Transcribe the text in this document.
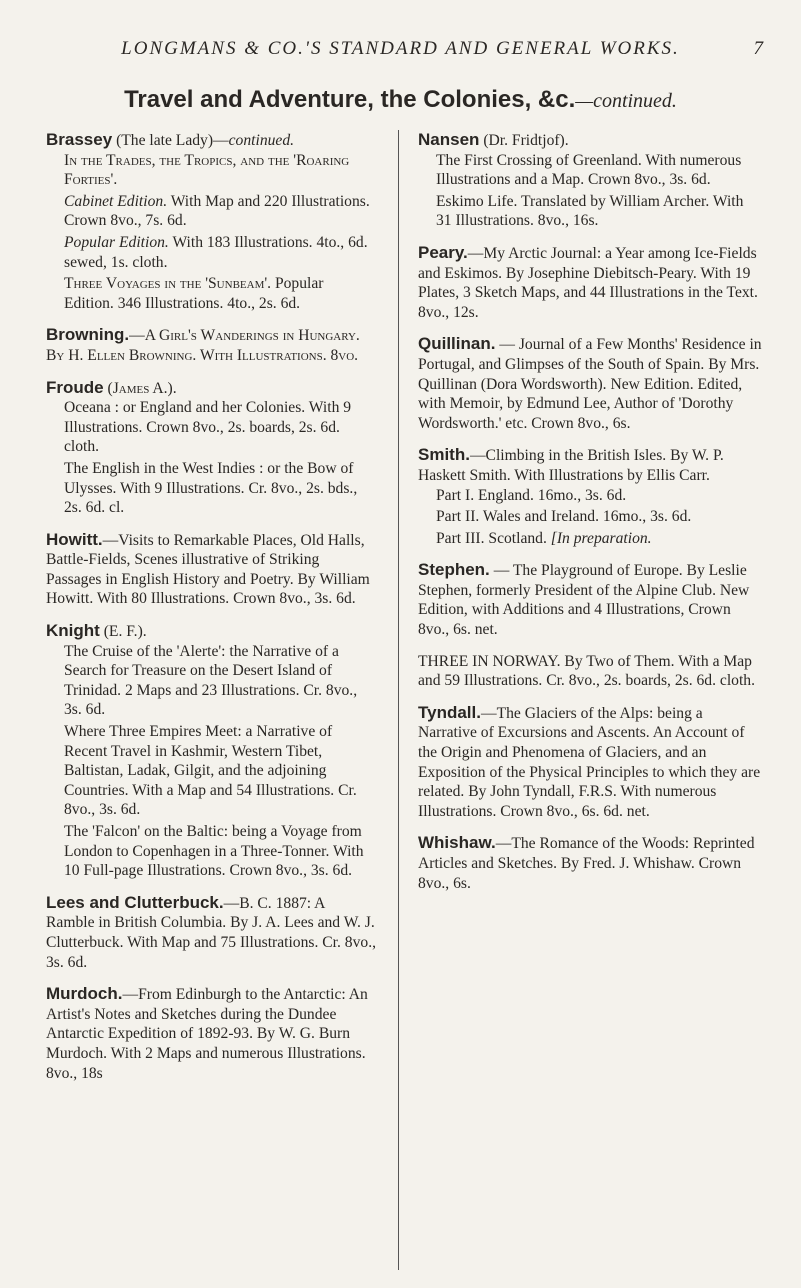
LONGMANS & CO.'S STANDARD AND GENERAL WORKS.	7
Travel and Adventure, the Colonies, &c.—continued.
Brassey (The late Lady)—continued.
In the Trades, the Tropics, and the 'Roaring Forties'.
Cabinet Edition. With Map and 220 Illustrations. Crown 8vo., 7s. 6d.
Popular Edition. With 183 Illustrations. 4to., 6d. sewed, 1s. cloth.
Three Voyages in the 'Sunbeam'. Popular Edition. 346 Illustrations. 4to., 2s. 6d.
Browning.—A Girl's Wanderings in Hungary. By H. Ellen Browning. With Illustrations. 8vo.
Froude (James A.).
Oceana : or England and her Colonies. With 9 Illustrations. Crown 8vo., 2s. boards, 2s. 6d. cloth.
The English in the West Indies : or the Bow of Ulysses. With 9 Illustrations. Cr. 8vo., 2s. bds., 2s. 6d. cl.
Howitt.—Visits to Remarkable Places, Old Halls, Battle-Fields, Scenes illustrative of Striking Passages in English History and Poetry. By William Howitt. With 80 Illustrations. Crown 8vo., 3s. 6d.
Knight (E. F.).
The Cruise of the 'Alerte': the Narrative of a Search for Treasure on the Desert Island of Trinidad. 2 Maps and 23 Illustrations. Cr. 8vo., 3s. 6d.
Where Three Empires Meet: a Narrative of Recent Travel in Kashmir, Western Tibet, Baltistan, Ladak, Gilgit, and the adjoining Countries. With a Map and 54 Illustrations. Cr. 8vo., 3s. 6d.
The 'Falcon' on the Baltic: being a Voyage from London to Copenhagen in a Three-Tonner. With 10 Full-page Illustrations. Crown 8vo., 3s. 6d.
Lees and Clutterbuck.—B. C. 1887: A Ramble in British Columbia. By J. A. Lees and W. J. Clutterbuck. With Map and 75 Illustrations. Cr. 8vo., 3s. 6d.
Murdoch.—From Edinburgh to the Antarctic: An Artist's Notes and Sketches during the Dundee Antarctic Expedition of 1892-93. By W. G. Burn Murdoch. With 2 Maps and numerous Illustrations. 8vo., 18s
Nansen (Dr. Fridtjof).
The First Crossing of Greenland. With numerous Illustrations and a Map. Crown 8vo., 3s. 6d.
Eskimo Life. Translated by William Archer. With 31 Illustrations. 8vo., 16s.
Peary.—My Arctic Journal: a Year among Ice-Fields and Eskimos. By Josephine Diebitsch-Peary. With 19 Plates, 3 Sketch Maps, and 44 Illustrations in the Text. 8vo., 12s.
Quillinan. — Journal of a Few Months' Residence in Portugal, and Glimpses of the South of Spain. By Mrs. Quillinan (Dora Wordsworth). New Edition. Edited, with Memoir, by Edmund Lee, Author of 'Dorothy Wordsworth.' etc. Crown 8vo., 6s.
Smith.—Climbing in the British Isles. By W. P. Haskett Smith. With Illustrations by Ellis Carr.
Part I. England. 16mo., 3s. 6d.
Part II. Wales and Ireland. 16mo., 3s. 6d.
Part III. Scotland. [In preparation.
Stephen. — The Playground of Europe. By Leslie Stephen, formerly President of the Alpine Club. New Edition, with Additions and 4 Illustrations, Crown 8vo., 6s. net.
THREE IN NORWAY. By Two of Them. With a Map and 59 Illustrations. Cr. 8vo., 2s. boards, 2s. 6d. cloth.
Tyndall.—The Glaciers of the Alps: being a Narrative of Excursions and Ascents. An Account of the Origin and Phenomena of Glaciers, and an Exposition of the Physical Principles to which they are related. By John Tyndall, F.R.S. With numerous Illustrations. Crown 8vo., 6s. 6d. net.
Whishaw.—The Romance of the Woods: Reprinted Articles and Sketches. By Fred. J. Whishaw. Crown 8vo., 6s.
